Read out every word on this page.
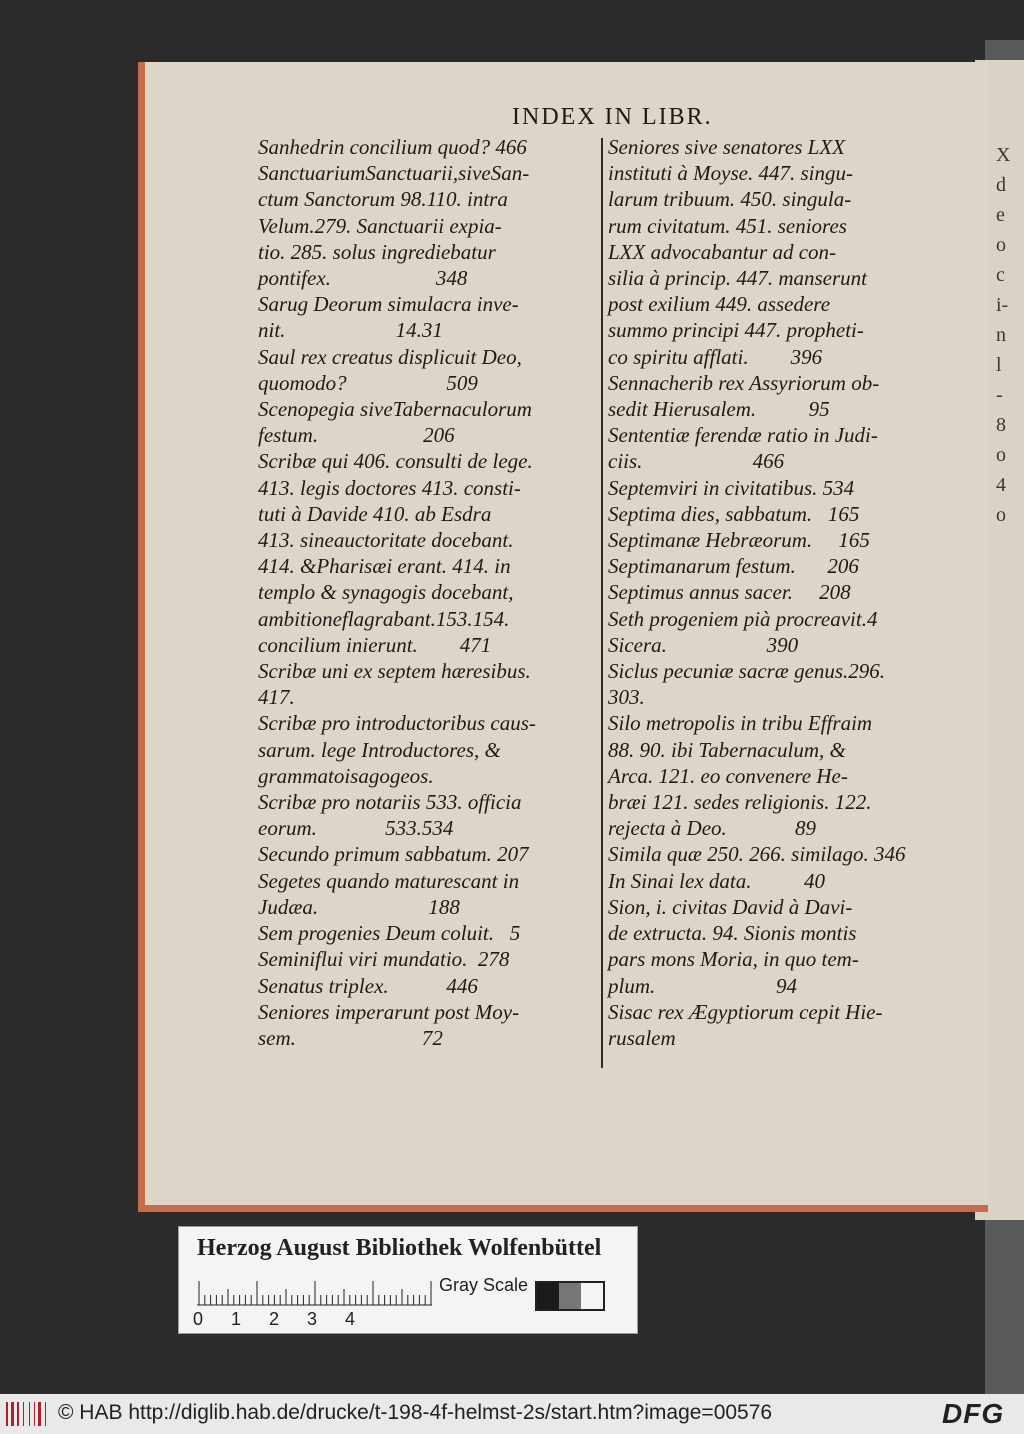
X
d
e
o
c
i-
n
l
-
8
o
4
o
INDEX IN LIBR.
Sanhedrin concilium quod? 466
SanctuariumSanctuarii,siveSan-
ctum Sanctorum 98.110. intra
Velum.279. Sanctuarii expia-
tio. 285. solus ingrediebatur
pontifex.                    348
Sarug Deorum simulacra inve-
nit.                     14.31
Saul rex creatus displicuit Deo,
quomodo?                   509
Scenopegia siveTabernaculorum
festum.                    206
Scribæ qui 406. consulti de lege.
413. legis doctores 413. consti-
tuti à Davide 410. ab Esdra
413. sineauctoritate docebant.
414. &Pharisæi erant. 414. in
templo & synagogis docebant,
ambitioneflagrabant.153.154.
concilium inierunt.        471
Scribæ uni ex septem hæresibus.
417.
Scribæ pro introductoribus caus-
sarum. lege Introductores, &
grammatoisagogeos.
Scribæ pro notariis 533. officia
eorum.             533.534
Secundo primum sabbatum. 207
Segetes quando maturescant in
Judæa.                     188
Sem progenies Deum coluit.   5
Seminiflui viri mundatio.  278
Senatus triplex.           446
Seniores imperarunt post Moy-
sem.                        72
Seniores sive senatores LXX
instituti à Moyse. 447. singu-
larum tribuum. 450. singula-
rum civitatum. 451. seniores
LXX advocabantur ad con-
silia à princip. 447. manserunt
post exilium 449. assedere
summo principi 447. propheti-
co spiritu afflati.        396
Sennacherib rex Assyriorum ob-
sedit Hierusalem.          95
Sententiæ ferendæ ratio in Judi-
ciis.                     466
Septemviri in civitatibus. 534
Septima dies, sabbatum.   165
Septimanæ Hebræorum.     165
Septimanarum festum.      206
Septimus annus sacer.     208
Seth progeniem pià procreavit.4
Sicera.                   390
Siclus pecuniæ sacræ genus.296.
303.
Silo metropolis in tribu Effraim
88. 90. ibi Tabernaculum, &
Arca. 121. eo convenere He-
bræi 121. sedes religionis. 122.
rejecta à Deo.             89
Simila quæ 250. 266. similago. 346
In Sinai lex data.          40
Sion, i. civitas David à Davi-
de extructa. 94. Sionis montis
pars mons Moria, in quo tem-
plum.                       94
Sisac rex Ægyptiorum cepit Hie-
rusalem
Herzog August Bibliothek Wolfenbüttel
0 1 2 3 4
Gray Scale
© HAB http://diglib.hab.de/drucke/t-198-4f-helmst-2s/start.htm?image=00576	DFG
